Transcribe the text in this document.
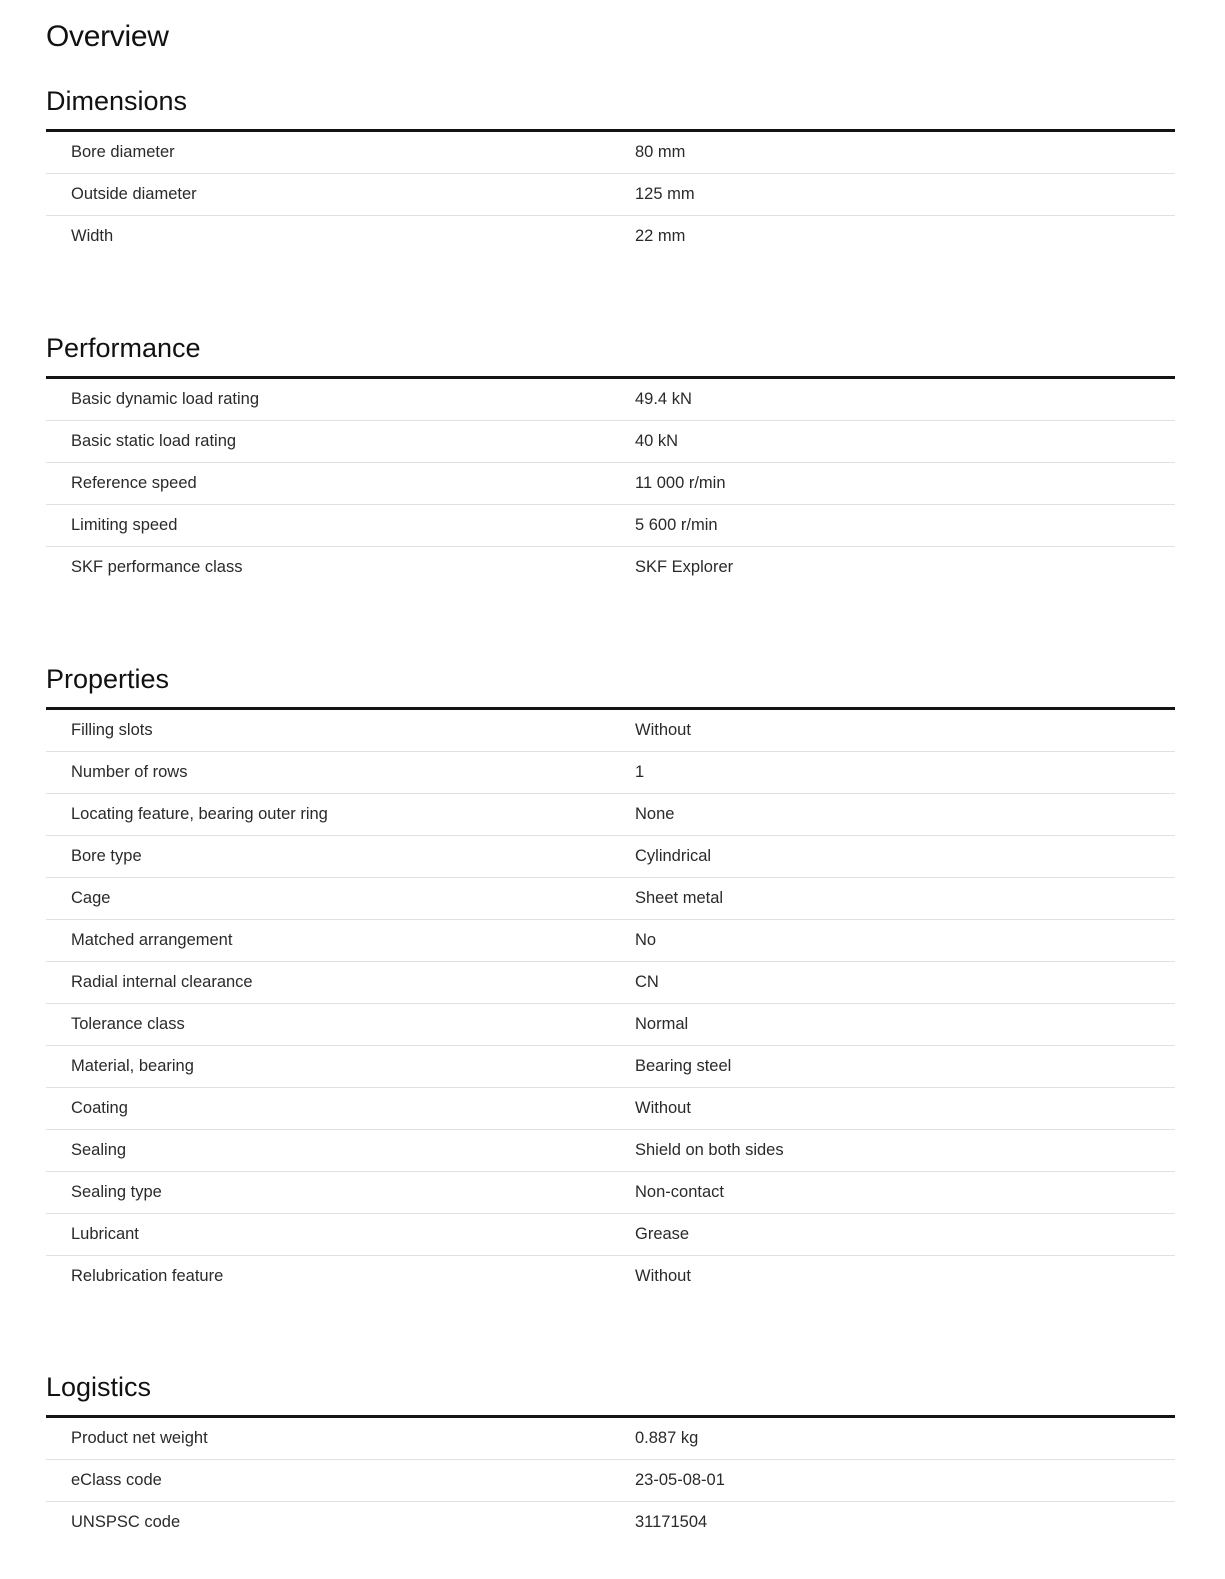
Overview
Dimensions
Bore diameter	80 mm
Outside diameter	125 mm
Width	22 mm
Performance
Basic dynamic load rating	49.4 kN
Basic static load rating	40 kN
Reference speed	11 000 r/min
Limiting speed	5 600 r/min
SKF performance class	SKF Explorer
Properties
Filling slots	Without
Number of rows	1
Locating feature, bearing outer ring	None
Bore type	Cylindrical
Cage	Sheet metal
Matched arrangement	No
Radial internal clearance	CN
Tolerance class	Normal
Material, bearing	Bearing steel
Coating	Without
Sealing	Shield on both sides
Sealing type	Non-contact
Lubricant	Grease
Relubrication feature	Without
Logistics
Product net weight	0.887 kg
eClass code	23-05-08-01
UNSPSC code	31171504
